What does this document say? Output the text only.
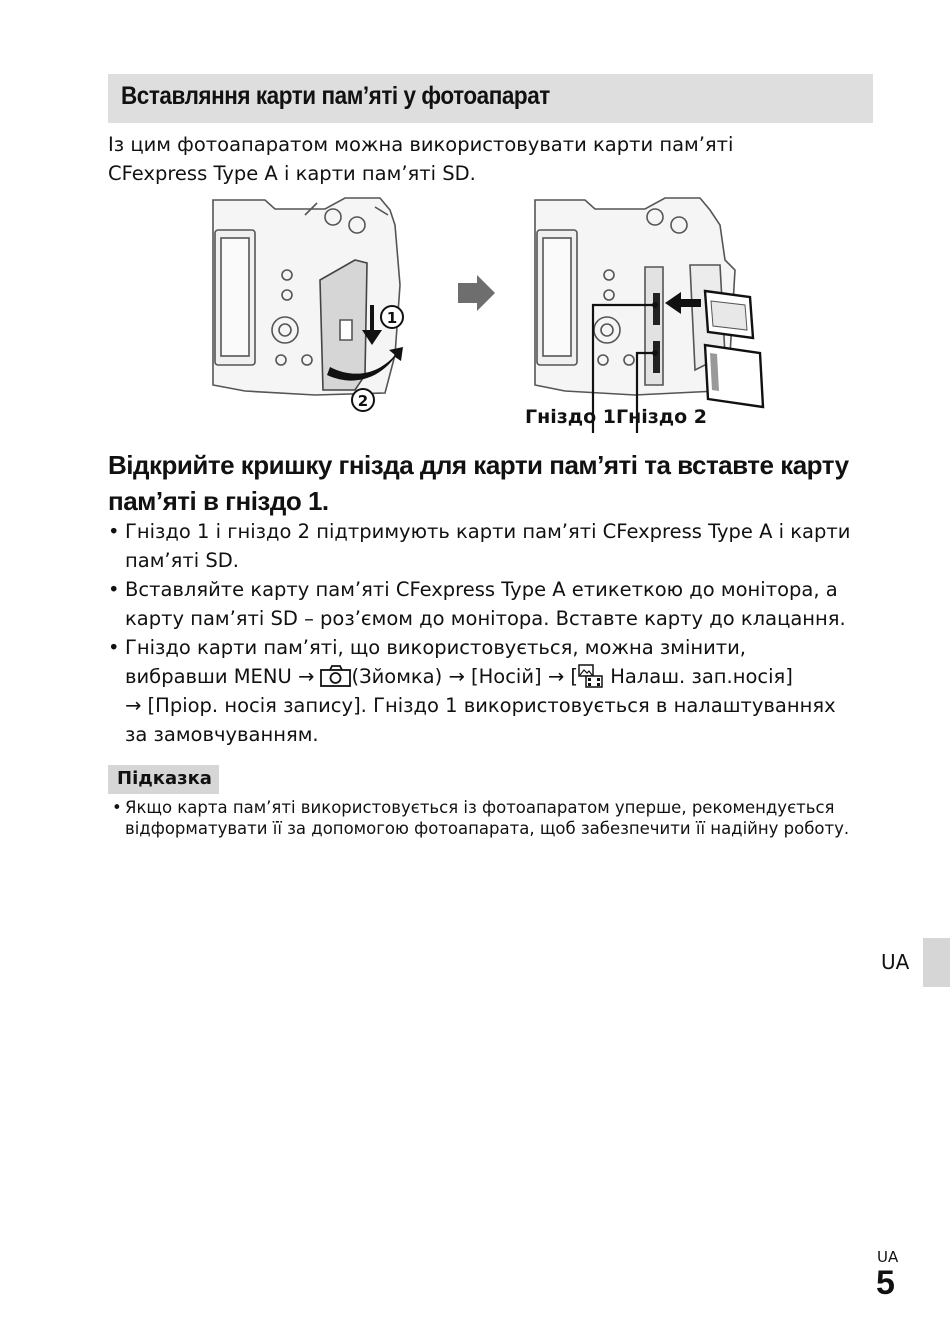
Вставляння карти пам’яті у фотоапарат
Із цим фотоапаратом можна використовувати карти пам’яті
CFexpress Type A і карти пам’яті SD.
1
2
Гніздо 1 Гніздо 2
Відкрийте кришку гнізда для карти пам’яті та вставте карту
пам’яті в гніздо 1.
• Гніздо 1 і гніздо 2 підтримують карти пам’яті CFexpress Type A і карти
пам’яті SD.
• Вставляйте карту пам’яті CFexpress Type A етикеткою до монітора, а
карту пам’яті SD – роз’ємом до монітора. Вставте карту до клацання.
• Гніздо карти пам’яті, що використовується, можна змінити,
вибравши MENU → (Зйомка) → [Носій] → [ Налаш. зап.носія]
→ [Пріор. носія запису]. Гніздо 1 використовується в налаштуваннях
за замовчуванням.
Підказка
• Якщо карта пам’яті використовується із фотоапаратом уперше, рекомендується відформатувати її за допомогою фотоапарата, щоб забезпечити її надійну роботу.
UA
UA
5
